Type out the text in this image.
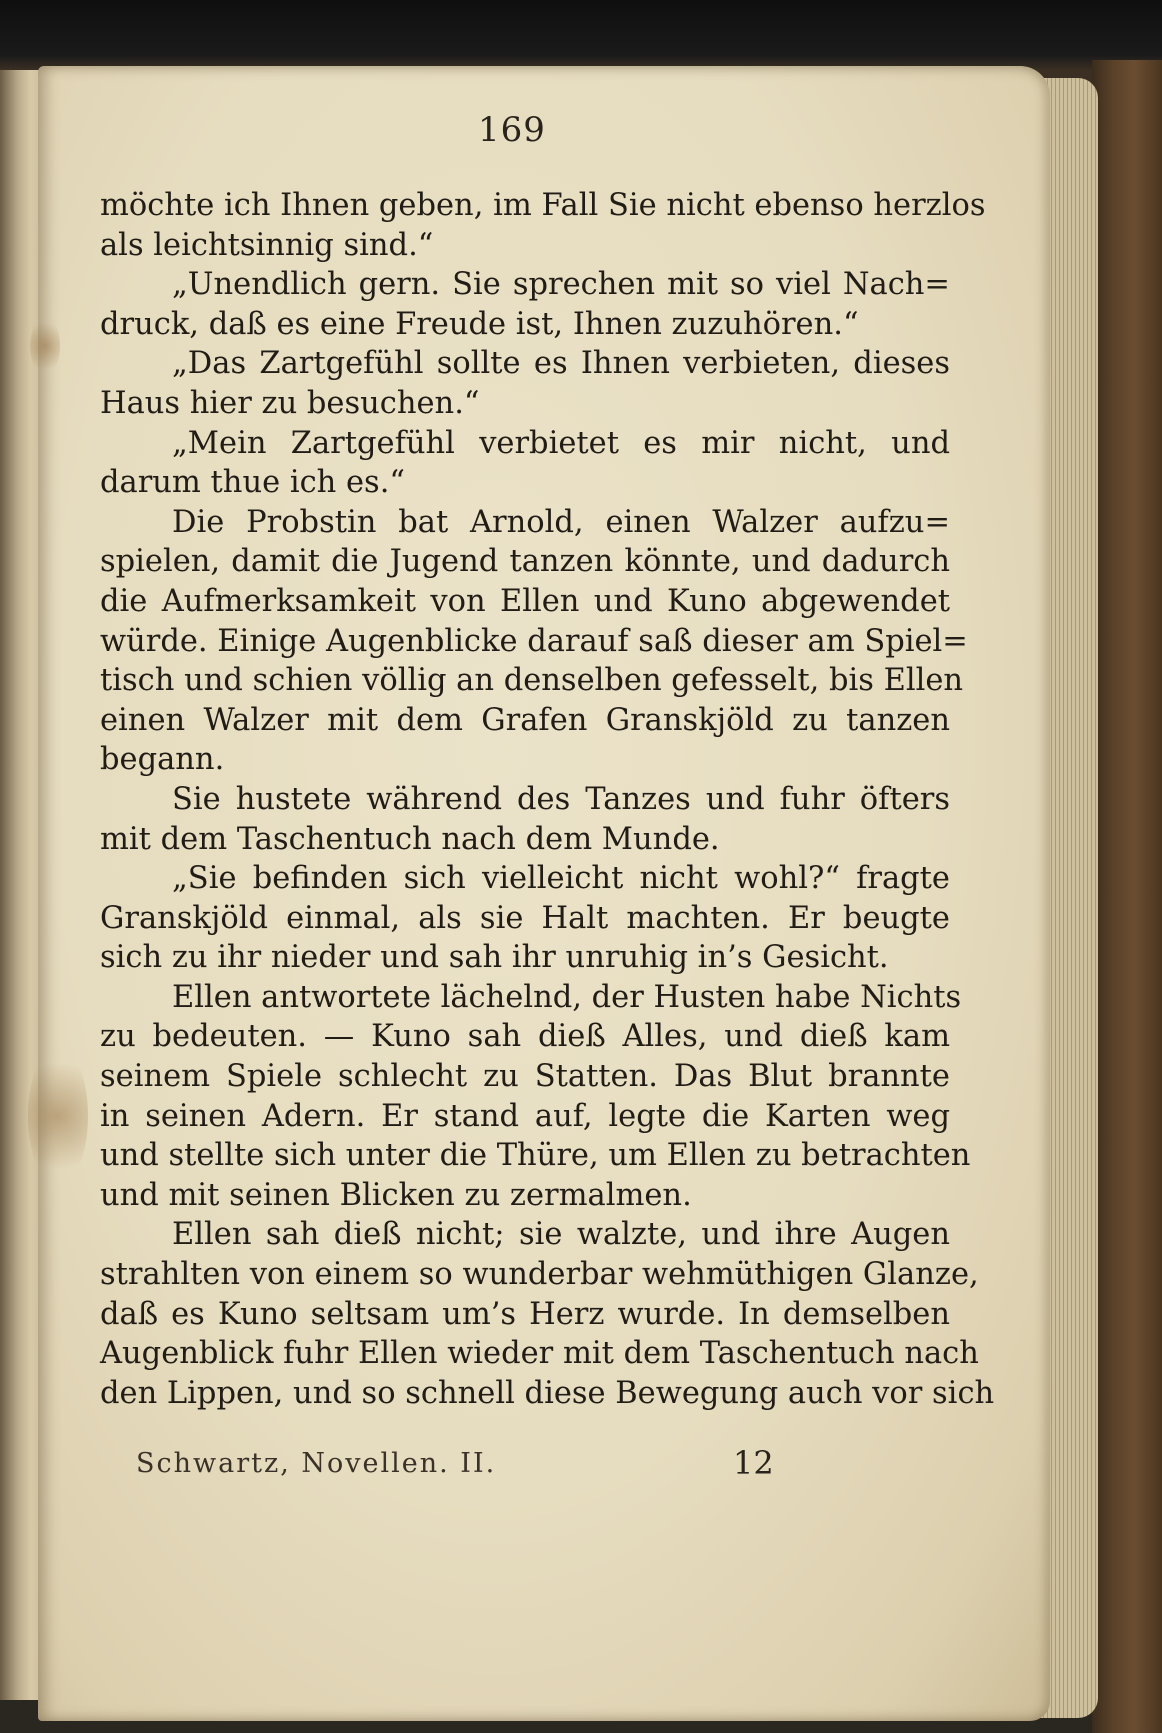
169
möchte ich Ihnen geben, im Fall Sie nicht ebenso herzlos
als leichtsinnig sind.“
„Unendlich gern. Sie sprechen mit so viel Nach=
druck, daß es eine Freude ist, Ihnen zuzuhören.“
„Das Zartgefühl sollte es Ihnen verbieten, dieses
Haus hier zu besuchen.“
„Mein Zartgefühl verbietet es mir nicht, und
darum thue ich es.“
Die Probstin bat Arnold, einen Walzer aufzu=
spielen, damit die Jugend tanzen könnte, und dadurch
die Aufmerksamkeit von Ellen und Kuno abgewendet
würde. Einige Augenblicke darauf saß dieser am Spiel=
tisch und schien völlig an denselben gefesselt, bis Ellen
einen Walzer mit dem Grafen Granskjöld zu tanzen
begann.
Sie hustete während des Tanzes und fuhr öfters
mit dem Taschentuch nach dem Munde.
„Sie befinden sich vielleicht nicht wohl?“ fragte
Granskjöld einmal, als sie Halt machten. Er beugte
sich zu ihr nieder und sah ihr unruhig in’s Gesicht.
Ellen antwortete lächelnd, der Husten habe Nichts
zu bedeuten. — Kuno sah dieß Alles, und dieß kam
seinem Spiele schlecht zu Statten. Das Blut brannte
in seinen Adern. Er stand auf, legte die Karten weg
und stellte sich unter die Thüre, um Ellen zu betrachten
und mit seinen Blicken zu zermalmen.
Ellen sah dieß nicht; sie walzte, und ihre Augen
strahlten von einem so wunderbar wehmüthigen Glanze,
daß es Kuno seltsam um’s Herz wurde. In demselben
Augenblick fuhr Ellen wieder mit dem Taschentuch nach
den Lippen, und so schnell diese Bewegung auch vor sich
Schwartz, Novellen. II.	12
